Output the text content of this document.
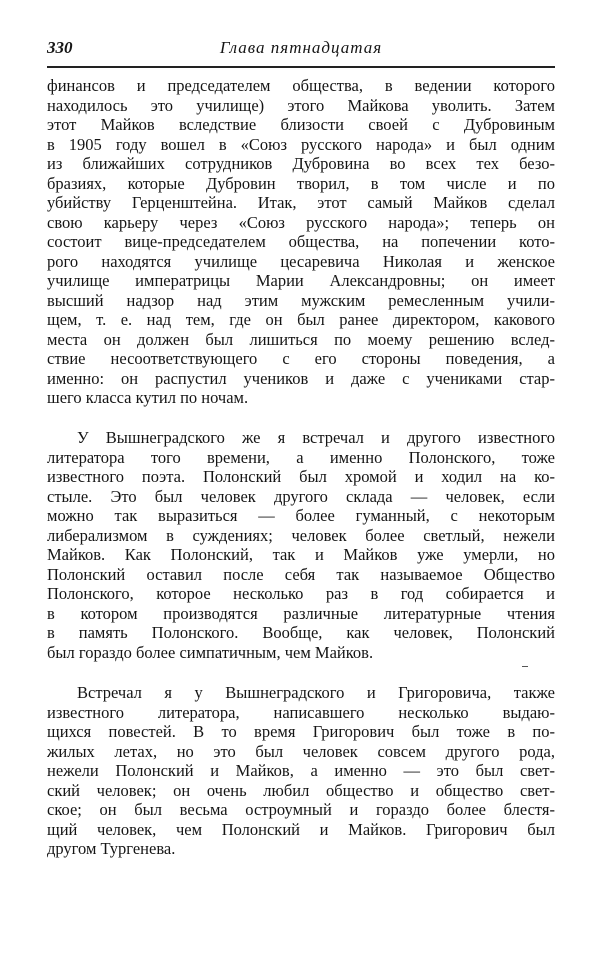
330	Глава пятнадцатая
финансов и председателем общества, в ведении которого
находилось это училище) этого Майкова уволить. Затем
этот Майков вследствие близости своей с Дубровиным
в 1905 году вошел в «Союз русского народа» и был одним
из ближайших сотрудников Дубровина во всех тех безо-
бразиях, которые Дубровин творил, в том числе и по
убийству Герценштейна. Итак, этот самый Майков сделал
свою карьеру через «Союз русского народа»; теперь он
состоит вице-председателем общества, на попечении кото-
рого находятся училище цесаревича Николая и женское
училище императрицы Марии Александровны; он имеет
высший надзор над этим мужским ремесленным учили-
щем, т. е. над тем, где он был ранее директором, какового
места он должен был лишиться по моему решению вслед-
ствие несоответствующего с его стороны поведения, а
именно: он распустил учеников и даже с учениками стар-
шего класса кутил по ночам.
У Вышнеградского же я встречал и другого известного
литератора того времени, а именно Полонского, тоже
известного поэта. Полонский был хромой и ходил на ко-
стыле. Это был человек другого склада — человек, если
можно так выразиться — более гуманный, с некоторым
либерализмом в суждениях; человек более светлый, нежели
Майков. Как Полонский, так и Майков уже умерли, но
Полонский оставил после себя так называемое Общество
Полонского, которое несколько раз в год собирается и
в котором производятся различные литературные чтения
в память Полонского. Вообще, как человек, Полонский
был гораздо более симпатичным, чем Майков.
Встречал я у Вышнеградского и Григоровича, также
известного литератора, написавшего несколько выдаю-
щихся повестей. В то время Григорович был тоже в по-
жилых летах, но это был человек совсем другого рода,
нежели Полонский и Майков, а именно — это был свет-
ский человек; он очень любил общество и общество свет-
ское; он был весьма остроумный и гораздо более блестя-
щий человек, чем Полонский и Майков. Григорович был
другом Тургенева.
